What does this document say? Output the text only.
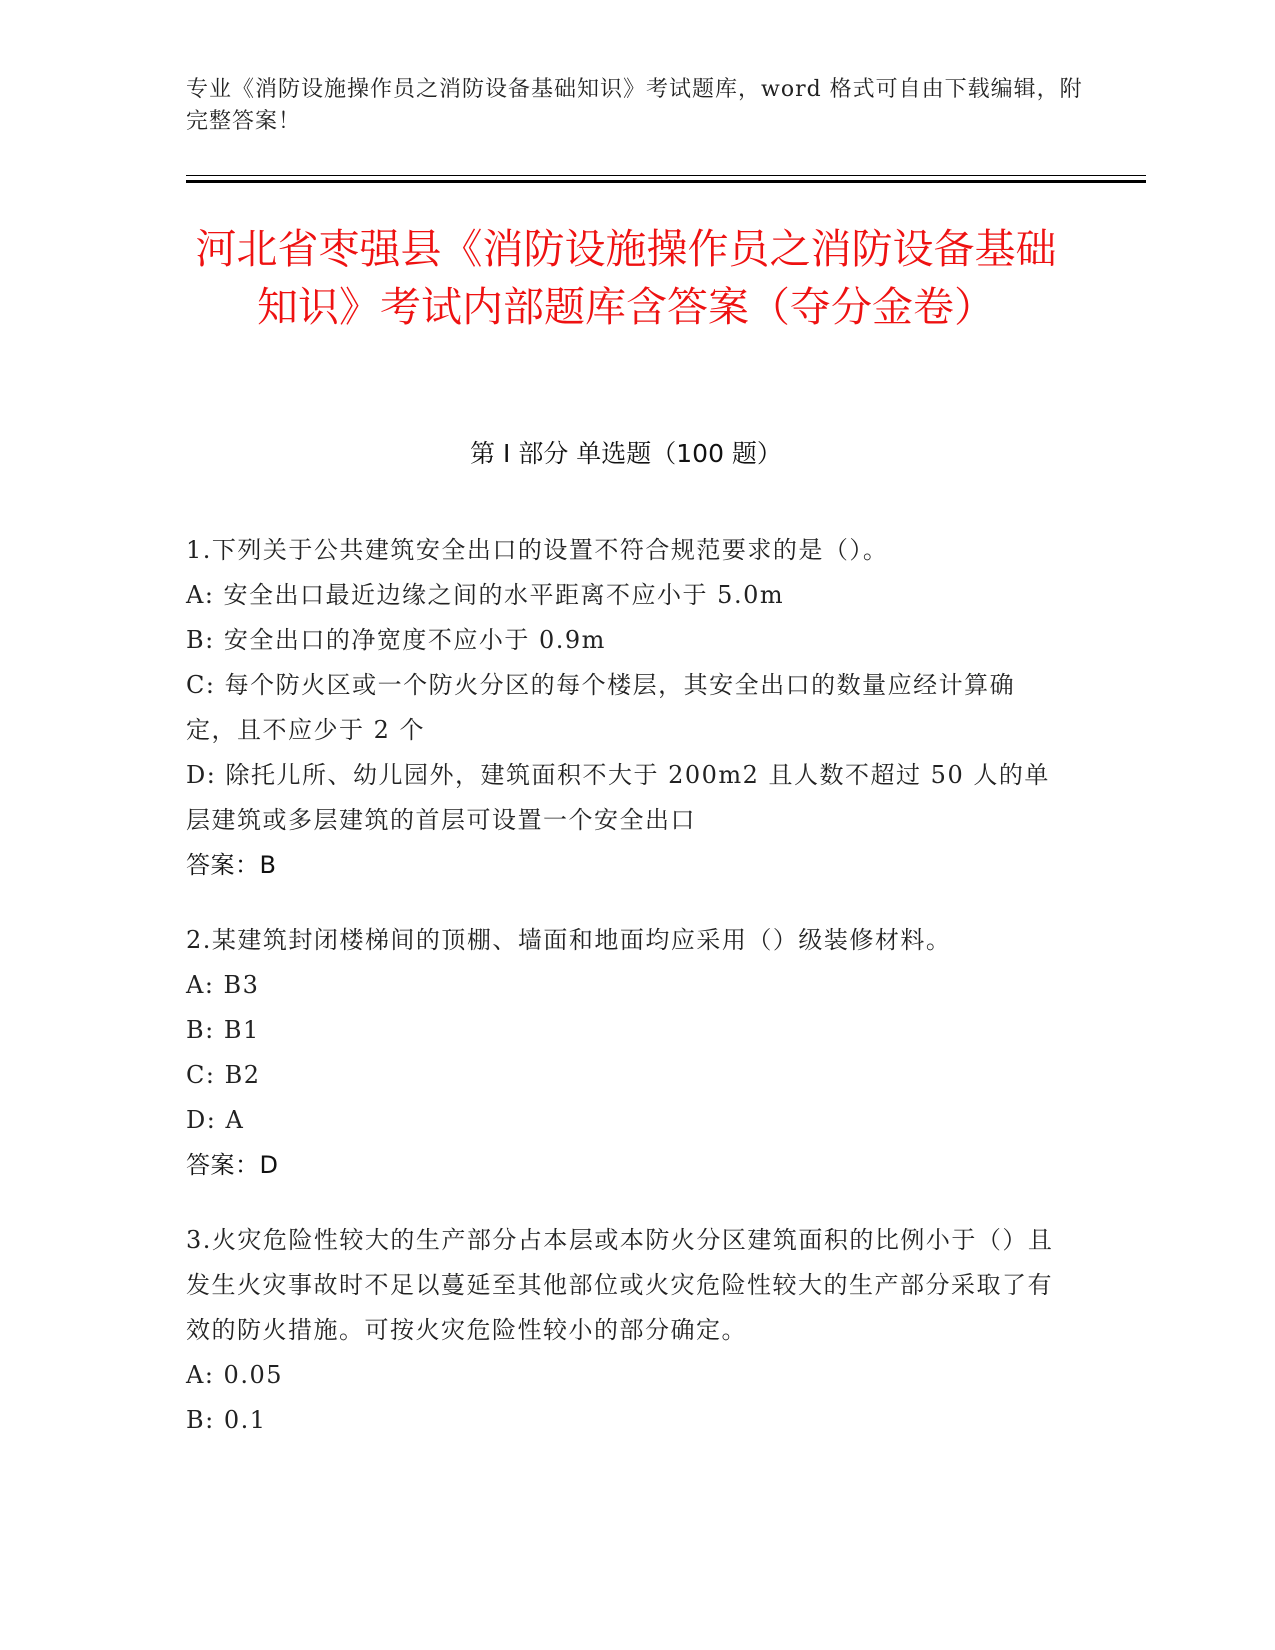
专业《消防设施操作员之消防设备基础知识》考试题库，word 格式可自由下载编辑，附完整答案！
河北省枣强县《消防设施操作员之消防设备基础知识》考试内部题库含答案（夺分金卷）
第 I 部分 单选题（100 题）

1.下列关于公共建筑安全出口的设置不符合规范要求的是（）。

A: 安全出口最近边缘之间的水平距离不应小于 5.0m

B: 安全出口的净宽度不应小于 0.9m

C: 每个防火区或一个防火分区的每个楼层，其安全出口的数量应经计算确定，且不应少于 2 个

D: 除托儿所、幼儿园外，建筑面积不大于 200m2 且人数不超过 50 人的单层建筑或多层建筑的首层可设置一个安全出口

答案：B

2.某建筑封闭楼梯间的顶棚、墙面和地面均应采用（）级装修材料。

A: B3

B: B1

C: B2

D: A

答案：D

3.火灾危险性较大的生产部分占本层或本防火分区建筑面积的比例小于（）且发生火灾事故时不足以蔓延至其他部位或火灾危险性较大的生产部分采取了有效的防火措施。可按火灾危险性较小的部分确定。

A: 0.05

B: 0.1
